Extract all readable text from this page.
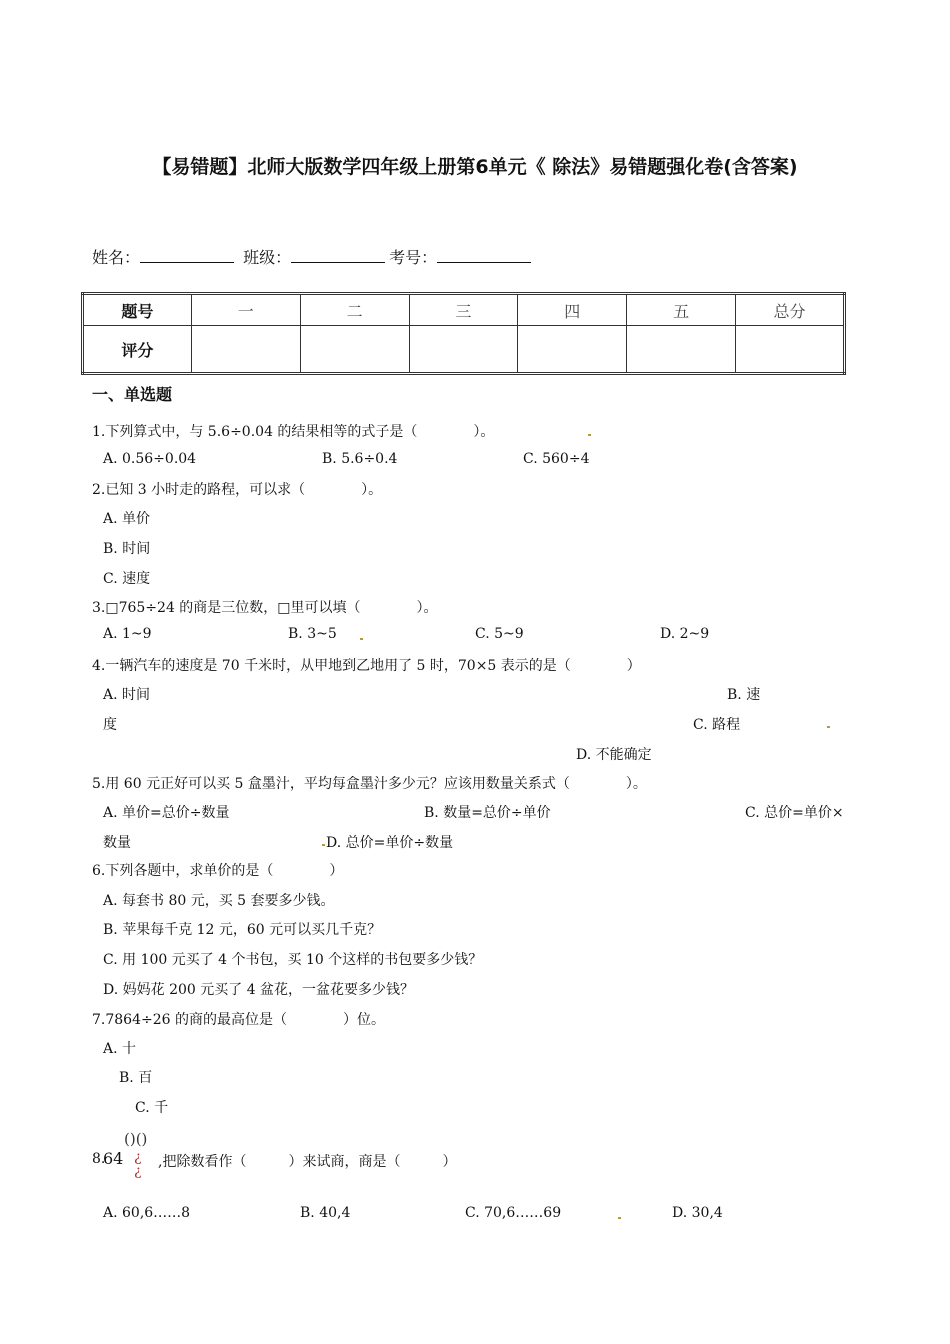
【易错题】北师大版数学四年级上册第6单元《 除法》易错题强化卷(含答案)
姓名：	班级：	考号：
题号	一	二	三	四	五	总分
评分						
一、单选题
1.下列算式中，与 5.6÷0.04 的结果相等的式子是（　　　　）。
A. 0.56÷0.04	B. 5.6÷0.4	C. 560÷4
2.已知 3 小时走的路程，可以求（　　　　）。
A. 单价
B. 时间
C. 速度
3.□765÷24 的商是三位数，□里可以填（　　　　）。
A. 1~9	B. 3~5	C. 5~9	D. 2~9
4.一辆汽车的速度是 70 千米时，从甲地到乙地用了 5 时，70×5 表示的是（　　　　）
A. 时间	B. 速
度	C. 路程
D. 不能确定
5.用 60 元正好可以买 5 盒墨汁，平均每盒墨汁多少元？应该用数量关系式（　　　　）。
A. 单价=总价÷数量	B. 数量=总价÷单价	C. 总价=单价×
数量	D. 总价=单价÷数量
6.下列各题中，求单价的是（　　　　）
A. 每套书 80 元，买 5 套要多少钱。
B. 苹果每千克 12 元，60 元可以买几千克？
C. 用 100 元买了 4 个书包，买 10 个这样的书包要多少钱？
D. 妈妈花 200 元买了 4 盆花，一盆花要多少钱？
7.7864÷26 的商的最高位是（　　　　）位。
A. 十
B. 百
C. 千
8.
64
()()
¿
¿
,把除数看作（　　　）来试商，商是（　　　）
A. 60,6……8	B. 40,4	C. 70,6……69	D. 30,4
